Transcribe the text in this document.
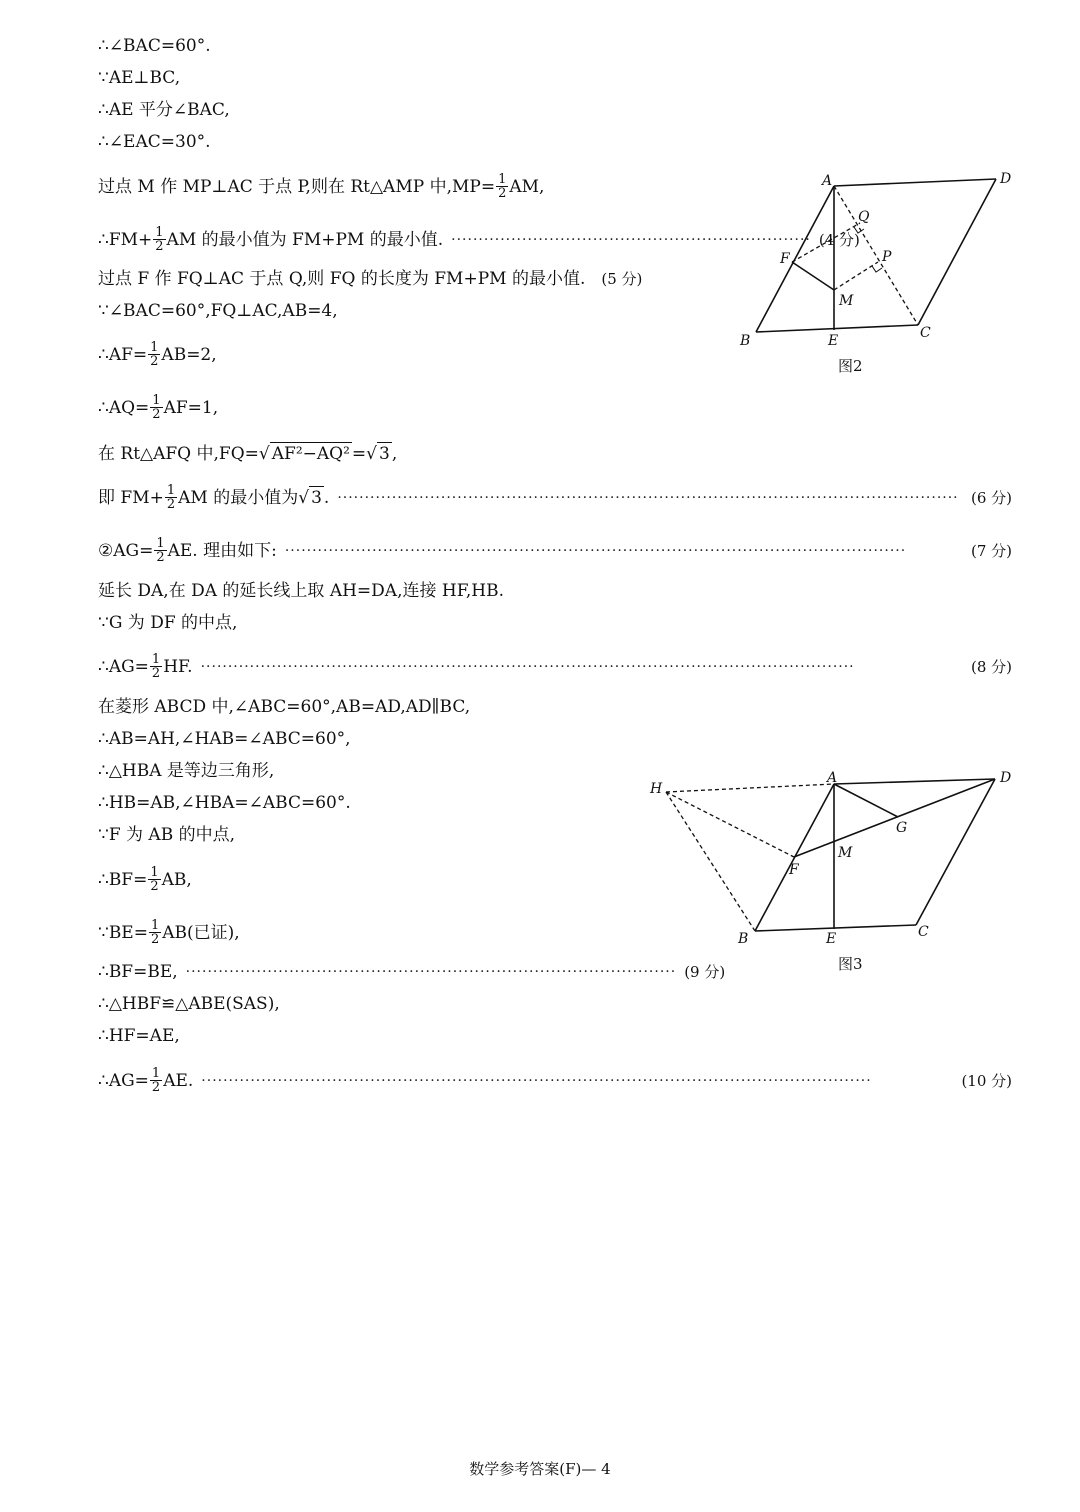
∴∠BAC=60°.
∵AE⊥BC,
∴AE 平分∠BAC,
∴∠EAC=30°.
过点 M 作 MP⊥AC 于点 P,则在 Rt△AMP 中$,MP= \frac{1}{2}$ AM,
∴FM+ $\frac{1}{2}$ AM 的最小值为 FM+PM 的最小值. ·································································· (4 分)
过点 F 作 FQ⊥AC 于点 Q,则 FQ 的长度为 FM+PM 的最小值. (5 分)
∵∠BAC=60°,FQ⊥AC,AB=4,
∴AF= $\frac{1}{2} AB=2$,
∴AQ= $\frac{1}{2} AF=1$,
在 Rt△AFQ 中,FQ= √ AF²−AQ² = √ 3 ,
即 $FM+ \frac{1}{2}$ AM 的最小值为 √ 3 . ·················································································································· (6 分)
②AG= $\frac{1}{2}$ AE. 理由如下: ··················································································································	(7 分)
延长 DA,在 DA 的延长线上取 AH=DA,连接 HF,HB.
∵G 为 DF 的中点,
∴AG= $\frac{1}{2}$ HF. ························································································································	(8 分)
在菱形 ABCD 中,∠ABC=60°,AB=AD,AD∥BC,
∴AB=AH,∠HAB=∠ABC=60°,
∴△HBA 是等边三角形,
∴HB=AB,∠HBA=∠ABC=60°.
∵F 为 AB 的中点,
∴BF= $\frac{1}{2}$ AB,
∵BE= $\frac{1}{2} AB$(已证),
∴BF=BE, ·························································································· (9 分)
∴△HBF≌△ABE(SAS),
∴HF=AE,
∴AG= $\frac{1}{2}$ AE. ···························································································································	(10 分)
A	D
B	C
E
F
M
P
Q
图2
H
A	D
B	C
E
F
G
M
图3
数学参考答案(F)— 4
